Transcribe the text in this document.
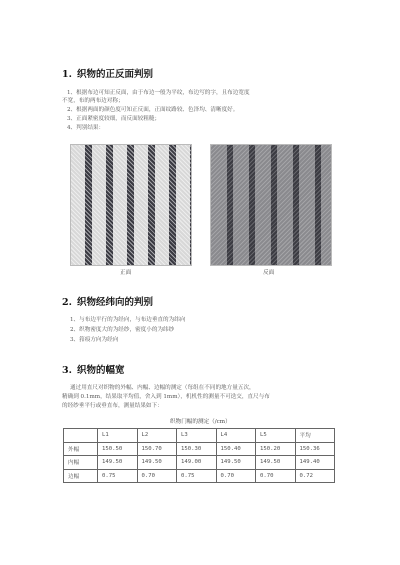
1. 织物的正反面判别
1、根据布边可知正反面，由于布边一般为平纹，布边写的字，且布边宽度
不宽，布的两布边对称；
2、根据两面的颜色度可知正反面，正面纹路较、色泽均、清晰度好。
3、正面紧密度较细，而反面较粗糙；
4、判别结果：
正面	反面
2. 织物经纬向的判别
1、与布边平行的为经向，与布边垂直的为纬向
2、织物密度大的为经纱，密度小的为纬纱
3、筘痕方向为经向
3. 织物的幅宽
通过用直尺对织物的外幅、内幅、边幅的测定（每组在不同的地方量五次，
精确到 0.1mm，结果取平均值，舍入到 1mm），机机性的测量不可迭交，直尺与布
的经纱垂平行或垂直布，测量结果如下：
织物门幅的测定（/cm）
	L1	L2	L3	L4	L5	平均
外幅	150.50	150.70	150.30	150.40	150.20	150.36
内幅	149.50	149.50	149.00	149.50	149.50	149.40
边幅	0.75	0.70	0.75	0.70	0.70	0.72
